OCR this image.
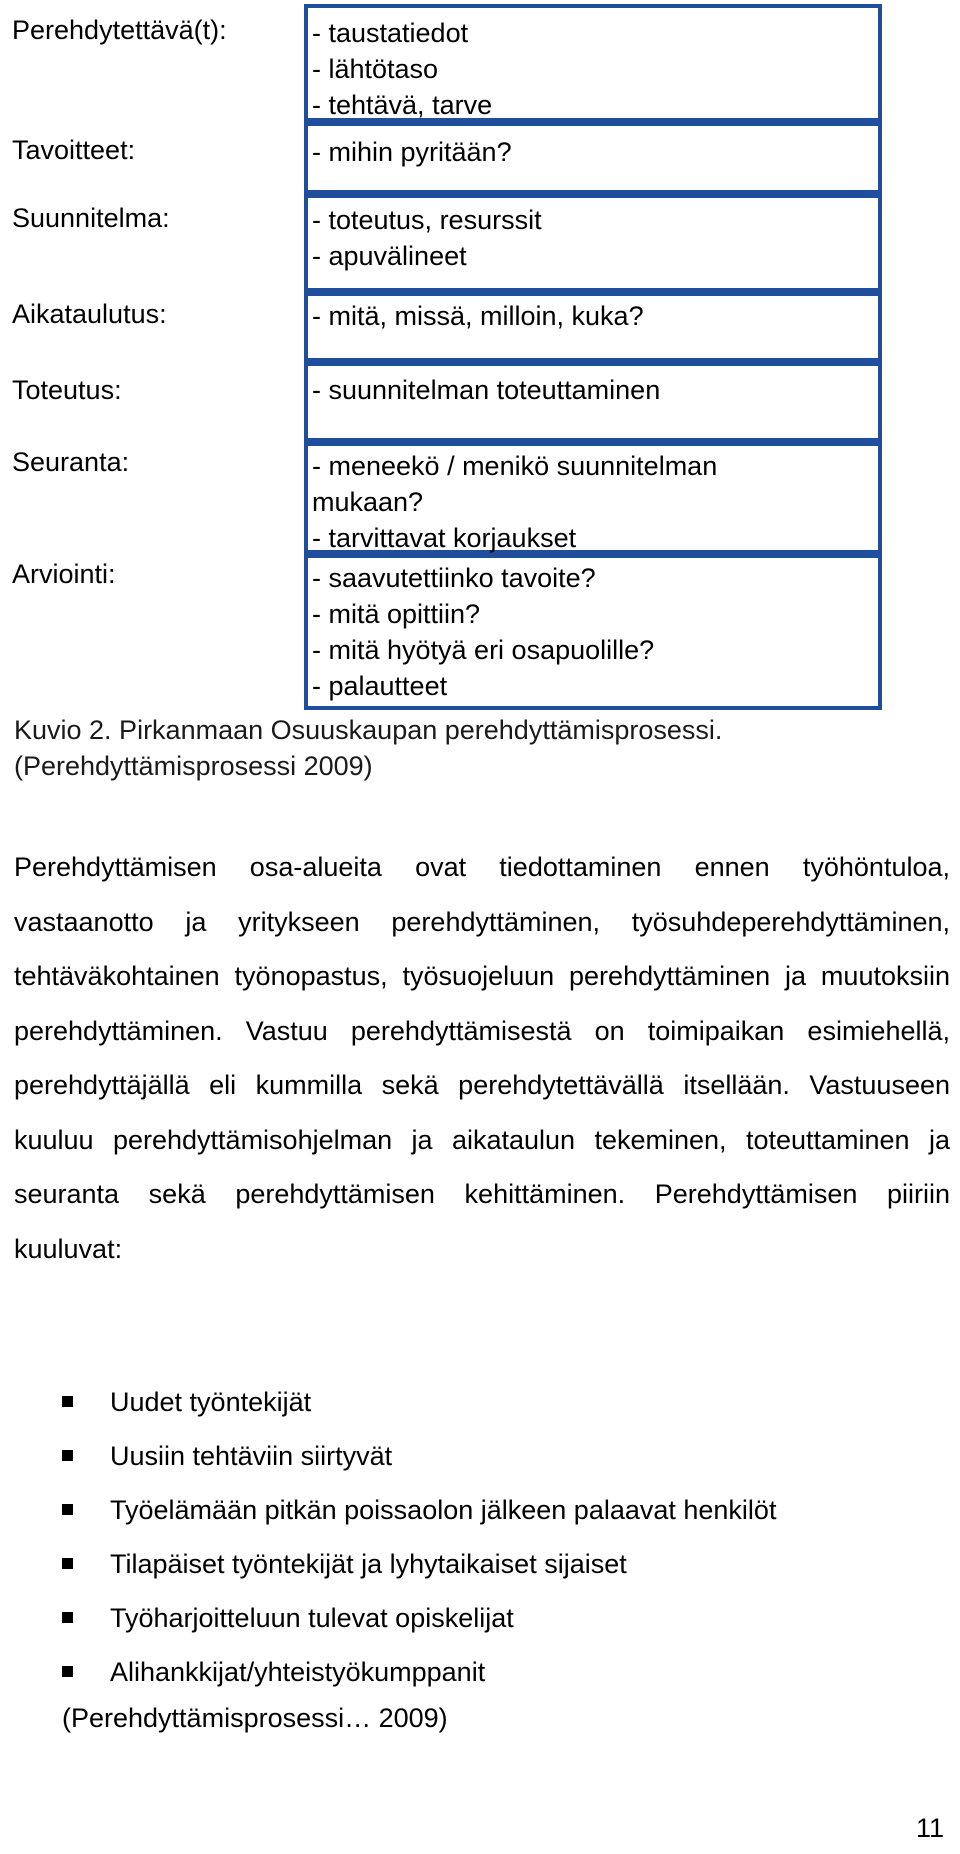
Perehdytettävä(t):	- taustatiedot
- lähtötaso
- tehtävä, tarve
Tavoitteet:	- mihin pyritään?
Suunnitelma:	- toteutus, resurssit
- apuvälineet
Aikataulutus:	- mitä, missä, milloin, kuka?
Toteutus:	- suunnitelman toteuttaminen
Seuranta:	- meneekö / menikö suunnitelman
mukaan?
- tarvittavat korjaukset
Arviointi:	- saavutettiinko tavoite?
- mitä opittiin?
- mitä hyötyä eri osapuolille?
- palautteet
Kuvio 2. Pirkanmaan Osuuskaupan perehdyttämisprosessi.
(Perehdyttämisprosessi 2009)

Perehdyttämisen osa-alueita ovat tiedottaminen ennen työhöntuloa, vastaanotto ja yritykseen perehdyttäminen, työsuhdeperehdyttäminen, tehtäväkohtainen työnopastus, työsuojeluun perehdyttäminen ja muutoksiin perehdyttäminen. Vastuu perehdyttämisestä on toimipaikan esimiehellä, perehdyttäjällä eli kummilla sekä perehdytettävällä itsellään. Vastuuseen kuuluu perehdyttämisohjelman ja aikataulun tekeminen, toteuttaminen ja seuranta sekä perehdyttämisen kehittäminen. Perehdyttämisen piiriin kuuluvat:

Uudet työntekijät
Uusiin tehtäviin siirtyvät
Työelämään pitkän poissaolon jälkeen palaavat henkilöt
Tilapäiset työntekijät ja lyhytaikaiset sijaiset
Työharjoitteluun tulevat opiskelijat
Alihankkijat/yhteistyökumppanit
(Perehdyttämisprosessi… 2009)
11
